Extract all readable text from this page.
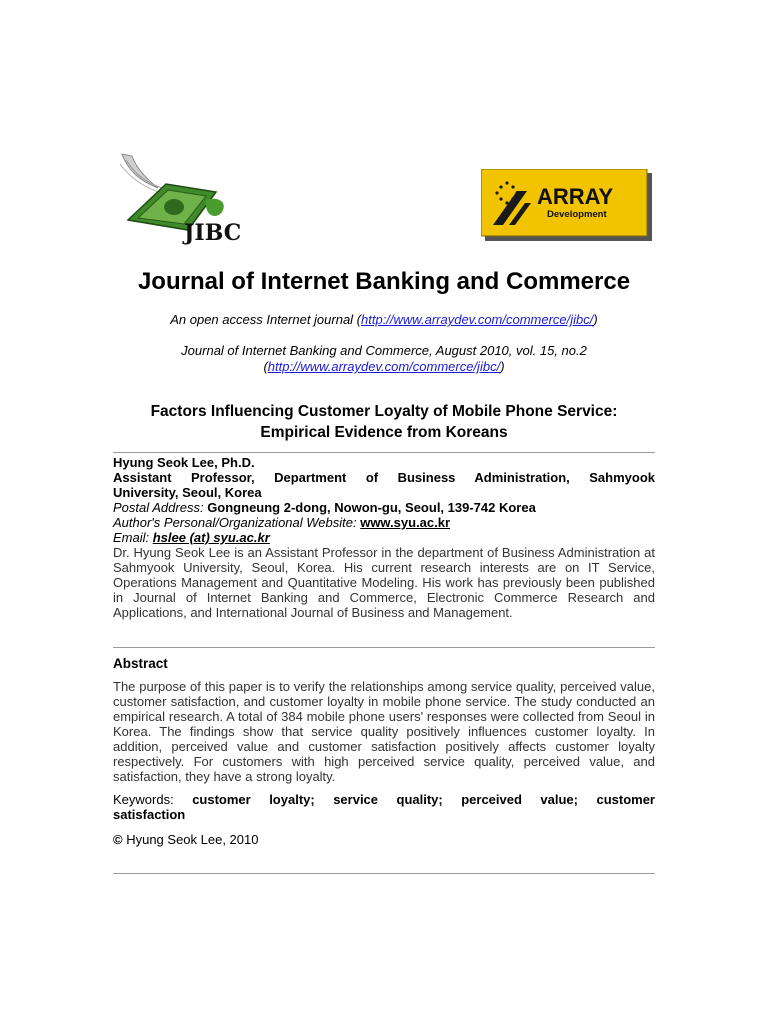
JIBC
ARRAY
Development
Journal of Internet Banking and Commerce
An open access Internet journal (http://www.arraydev.com/commerce/jibc/)
Journal of Internet Banking and Commerce, August 2010, vol. 15, no.2
(http://www.arraydev.com/commerce/jibc/)
Factors Influencing Customer Loyalty of Mobile Phone Service:
Empirical Evidence from Koreans
Hyung Seok Lee, Ph.D.
Assistant Professor, Department of Business Administration, Sahmyook
University, Seoul, Korea
Postal Address: Gongneung 2-dong, Nowon-gu, Seoul, 139-742 Korea
Author's Personal/Organizational Website: www.syu.ac.kr
Email: hslee (at) syu.ac.kr
Dr. Hyung Seok Lee is an Assistant Professor in the department of Business Administration at Sahmyook University, Seoul, Korea. His current research interests are on IT Service, Operations Management and Quantitative Modeling. His work has previously been published in Journal of Internet Banking and Commerce, Electronic Commerce Research and Applications, and International Journal of Business and Management.
Abstract
The purpose of this paper is to verify the relationships among service quality, perceived value, customer satisfaction, and customer loyalty in mobile phone service. The study conducted an empirical research. A total of 384 mobile phone users' responses were collected from Seoul in Korea. The findings show that service quality positively influences customer loyalty. In addition, perceived value and customer satisfaction positively affects customer loyalty respectively. For customers with high perceived service quality, perceived value, and satisfaction, they have a strong loyalty.
Keywords: customer loyalty; service quality; perceived value; customer
satisfaction
© Hyung Seok Lee, 2010
